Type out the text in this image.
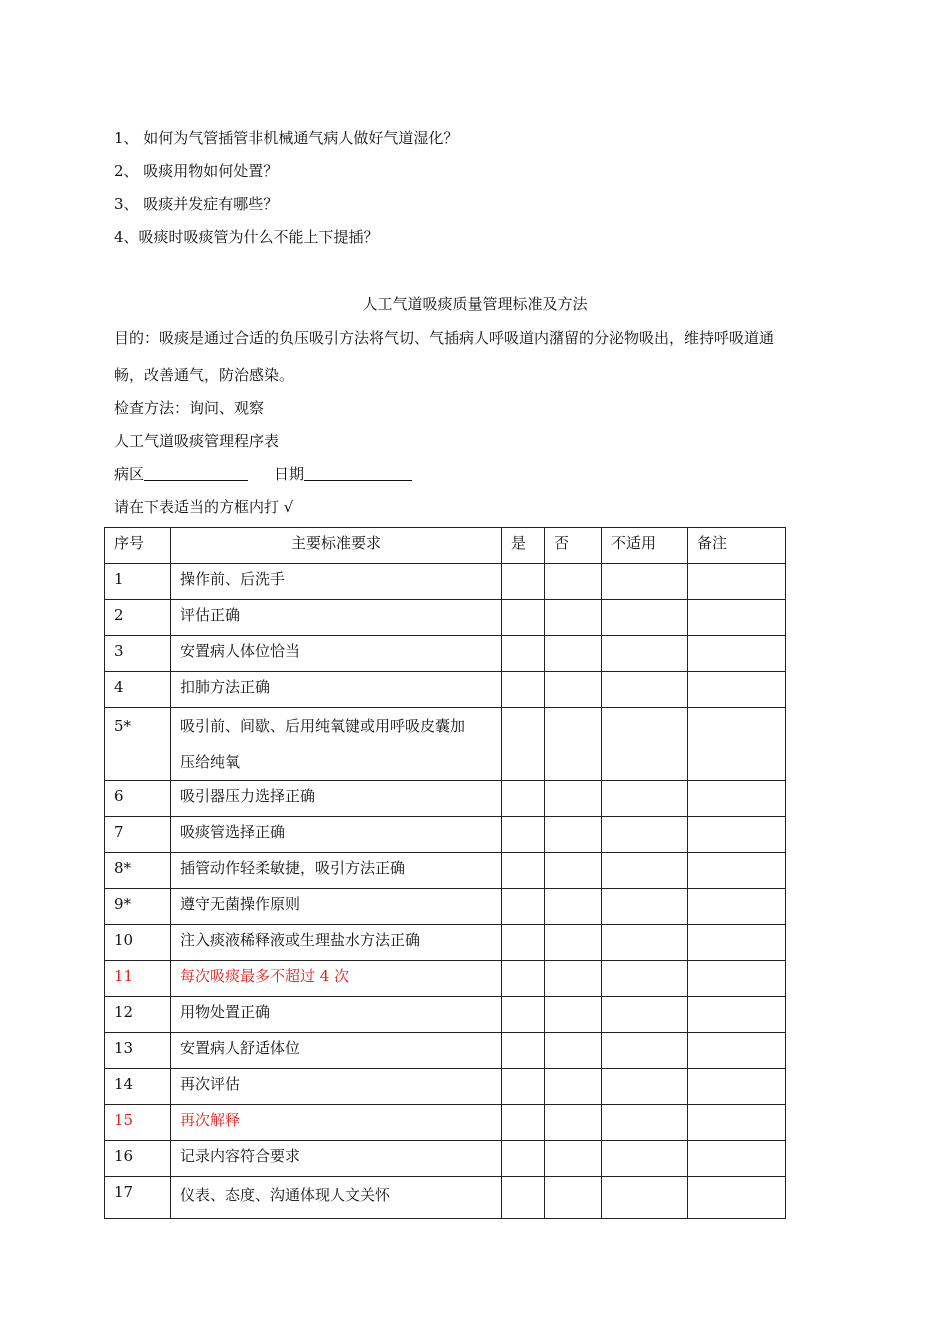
1、 如何为气管插管非机械通气病人做好气道湿化？
2、 吸痰用物如何处置？
3、 吸痰并发症有哪些？
4、吸痰时吸痰管为什么不能上下提插？
人工气道吸痰质量管理标准及方法
目的：吸痰是通过合适的负压吸引方法将气切、气插病人呼吸道内潴留的分泌物吸出，维持呼吸道通
畅，改善通气，防治感染。
检查方法：询问、观察
人工气道吸痰管理程序表
病区	日期
请在下表适当的方框内打 √
序号	主要标准要求	是	否	不适用	备注
1	操作前、后洗手				
2	评估正确				
3	安置病人体位恰当				
4	扣肺方法正确				
5*	吸引前、间歇、后用纯氧键或用呼吸皮囊加
压给纯氧				

6	吸引器压力选择正确				
7	吸痰管选择正确				
8*	插管动作轻柔敏捷，吸引方法正确				
9*	遵守无菌操作原则				
10	注入痰液稀释液或生理盐水方法正确				
11	每次吸痰最多不超过 4 次				
12	用物处置正确				
13	安置病人舒适体位				
14	再次评估				
15	再次解释				
16	记录内容符合要求				
17	仪表、态度、沟通体现人文关怀				
